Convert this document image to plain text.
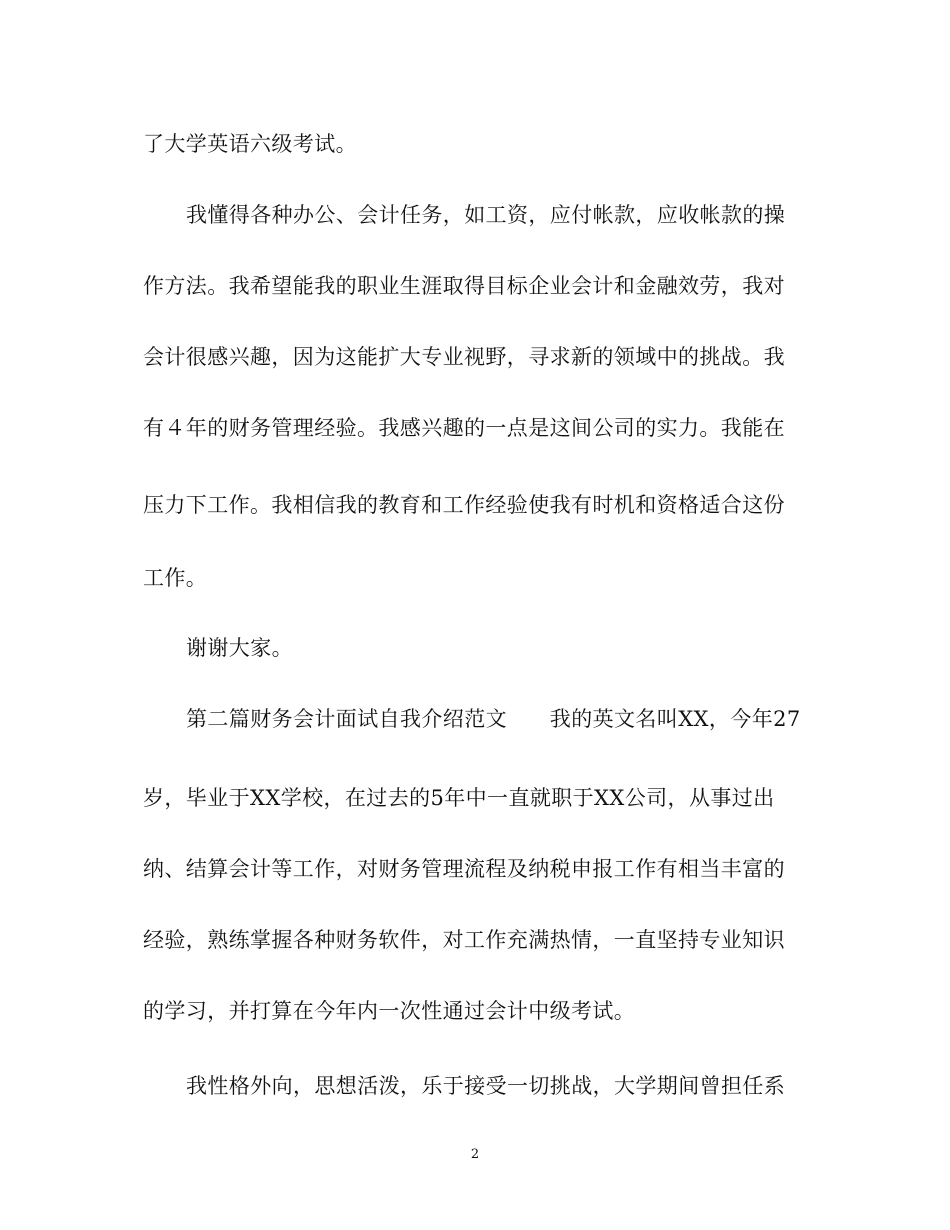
了大学英语六级考试。
我懂得各种办公、会计任务，如工资，应付帐款，应收帐款的操
作方法。我希望能我的职业生涯取得目标企业会计和金融效劳，我对
会计很感兴趣，因为这能扩大专业视野，寻求新的领域中的挑战。我
有４年的财务管理经验。我感兴趣的一点是这间公司的实力。我能在
压力下工作。我相信我的教育和工作经验使我有时机和资格适合这份
工作。
谢谢大家。
第二篇财务会计面试自我介绍范文　　我的英文名叫XX，今年27
岁，毕业于XX学校，在过去的5年中一直就职于XX公司，从事过出
纳、结算会计等工作，对财务管理流程及纳税申报工作有相当丰富的
经验，熟练掌握各种财务软件，对工作充满热情，一直坚持专业知识
的学习，并打算在今年内一次性通过会计中级考试。
我性格外向，思想活泼，乐于接受一切挑战，大学期间曾担任系
2
